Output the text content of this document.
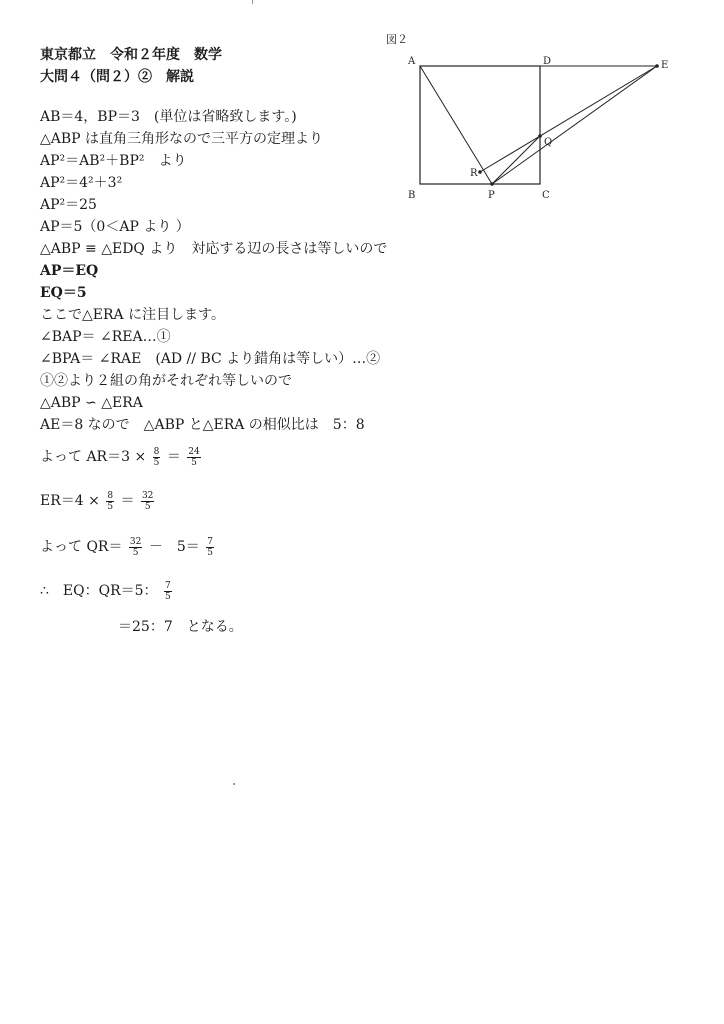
東京都立　令和２年度　数学
大問４（問２）②　解説
図２
A	D	E
B	C
P
Q
R
AB＝4，BP＝3　(単位は省略致します。)
△ABP は直角三角形なので三平方の定理より
AP²＝AB²＋BP²　より
AP²＝4²＋3²
AP²＝25
AP＝5（0＜AP より ）
△ABP ≡ △EDQ より　対応する辺の長さは等しいので
AP＝EQ
EQ＝5
ここで△ERA に注目します。
∠BAP＝ ∠REA…①
∠BPA＝ ∠RAE　(AD // BC より錯角は等しい）…②
①②より２組の角がそれぞれ等しいので
△ABP ∽ △ERA
AE＝8 なので　△ABP と△ERA の相似比は　5：8
よって $AR=3 \times \frac{8}{5} = \frac{24}{5}$
$ER=4 \times \frac{8}{5} = \frac{32}{5}$
よって $QR= \frac{32}{5}$ －　$5= \frac{7}{5}$
∴　EQ：QR＝5： $\frac{7}{5}$
＝25：7　となる。
